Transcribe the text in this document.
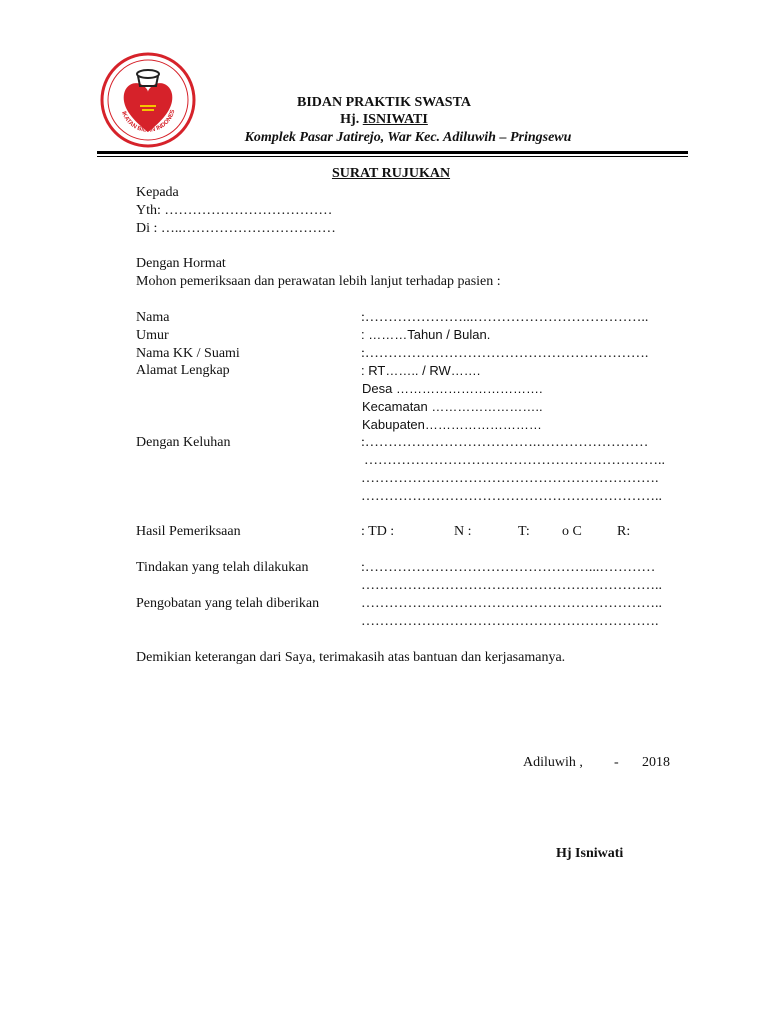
IKATAN BIDAN INDONES
BIDAN PRAKTIK SWASTA
Hj. ISNIWATI
Komplek Pasar Jatirejo, War Kec. Adiluwih – Pringsewu
SURAT RUJUKAN
Kepada
Yth: ………………………………
Di : …..……………………………
Dengan Hormat
Mohon pemeriksaan dan perawatan lebih lanjut terhadap pasien :
Nama	:…………………...………………………………..
Umur	: ………Tahun / Bulan.
Nama KK / Suami	:…………………………………………………….
Alamat Lengkap	: RT…….. / RW…….
Desa …………………………….
Kecamatan ……………………..
Kabupaten………………………
Dengan Keluhan	:……………………………….……………………
………………………………………………………..
……………………………………………………….
………………………………………………………..
Hasil Pemeriksaan	: TD :	N :	T: o C	R:
Tindakan yang telah dilakukan	:…………………………………………...…………
………………………………………………………..
Pengobatan yang telah diberikan	………………………………………………………..
……………………………………………………….
Demikian keterangan dari Saya, terimakasih atas bantuan dan kerjasamanya.
Adiluwih , - 2018
Hj Isniwati
